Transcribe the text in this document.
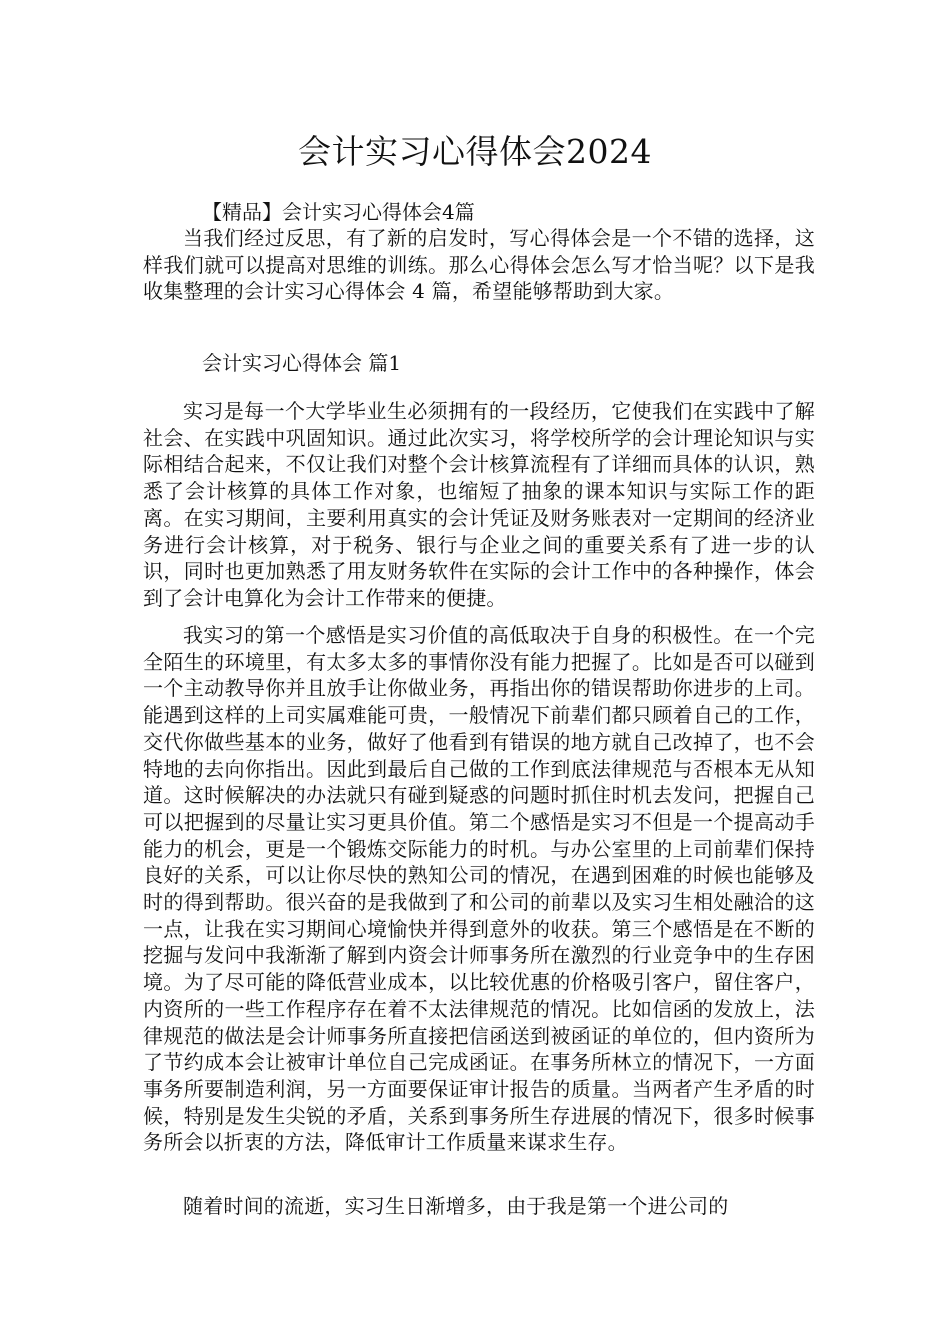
会计实习心得体会2024
【精品】会计实习心得体会4篇

当我们经过反思，有了新的启发时，写心得体会是一个不错的选择，这样我们就可以提高对思维的训练。那么心得体会怎么写才恰当呢？以下是我收集整理的会计实习心得体会 4 篇，希望能够帮助到大家。

会计实习心得体会 篇1

实习是每一个大学毕业生必须拥有的一段经历，它使我们在实践中了解社会、在实践中巩固知识。通过此次实习，将学校所学的会计理论知识与实际相结合起来，不仅让我们对整个会计核算流程有了详细而具体的认识，熟悉了会计核算的具体工作对象，也缩短了抽象的课本知识与实际工作的距离。在实习期间，主要利用真实的会计凭证及财务账表对一定期间的经济业务进行会计核算，对于税务、银行与企业之间的重要关系有了进一步的认识，同时也更加熟悉了用友财务软件在实际的会计工作中的各种操作，体会到了会计电算化为会计工作带来的便捷。

我实习的第一个感悟是实习价值的高低取决于自身的积极性。在一个完全陌生的环境里，有太多太多的事情你没有能力把握了。比如是否可以碰到一个主动教导你并且放手让你做业务，再指出你的错误帮助你进步的上司。能遇到这样的上司实属难能可贵，一般情况下前辈们都只顾着自己的工作，交代你做些基本的业务，做好了他看到有错误的地方就自己改掉了，也不会特地的去向你指出。因此到最后自己做的工作到底法律规范与否根本无从知道。这时候解决的办法就只有碰到疑惑的问题时抓住时机去发问，把握自己可以把握到的尽量让实习更具价值。第二个感悟是实习不但是一个提高动手能力的机会，更是一个锻炼交际能力的时机。与办公室里的上司前辈们保持良好的关系，可以让你尽快的熟知公司的情况，在遇到困难的时候也能够及时的得到帮助。很兴奋的是我做到了和公司的前辈以及实习生相处融洽的这一点，让我在实习期间心境愉快并得到意外的收获。第三个感悟是在不断的挖掘与发问中我渐渐了解到内资会计师事务所在激烈的行业竞争中的生存困境。为了尽可能的降低营业成本，以比较优惠的价格吸引客户，留住客户，内资所的一些工作程序存在着不太法律规范的情况。比如信函的发放上，法律规范的做法是会计师事务所直接把信函送到被函证的单位的，但内资所为了节约成本会让被审计单位自己完成函证。在事务所林立的情况下，一方面事务所要制造利润，另一方面要保证审计报告的质量。当两者产生矛盾的时候，特别是发生尖锐的矛盾，关系到事务所生存进展的情况下，很多时候事务所会以折衷的方法，降低审计工作质量来谋求生存。

随着时间的流逝，实习生日渐增多，由于我是第一个进公司的
